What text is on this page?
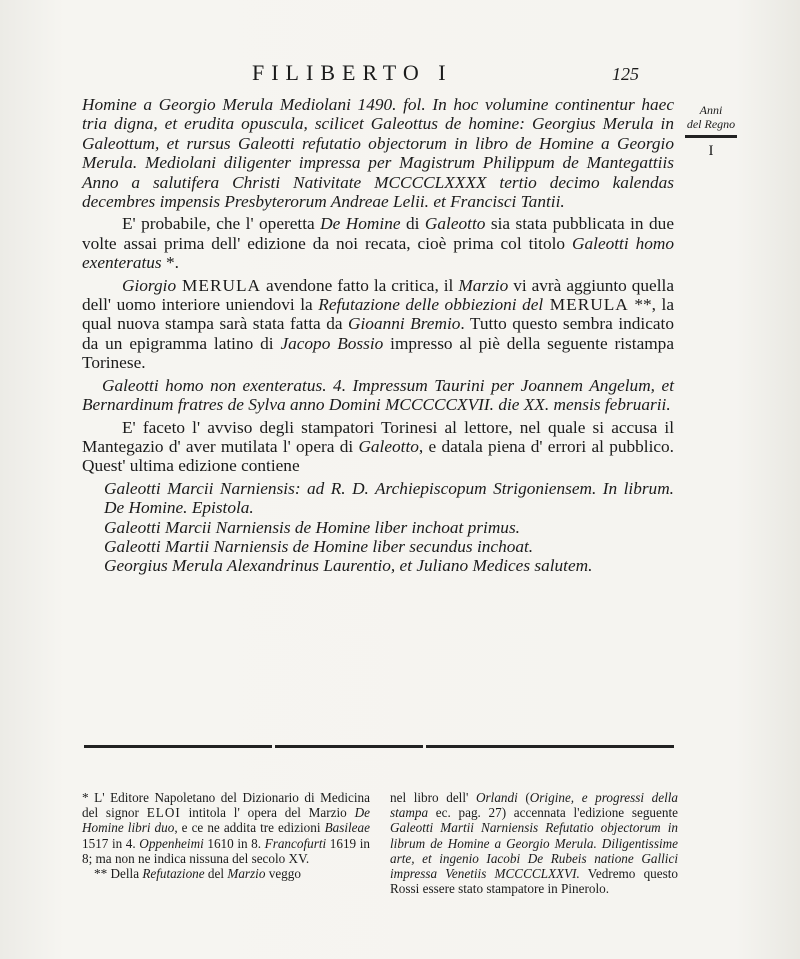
FILIBERTO I	125
Anni
del Regno
I

Homine a Georgio Merula Mediolani 1490. fol. In hoc volumine continentur haec tria digna, et erudita opuscula, scilicet Galeottus de homine: Georgius Merula in Galeottum, et rursus Galeotti refutatio objectorum in libro de Homine a Georgio Merula. Mediolani diligenter impressa per Magistrum Philippum de Mantegattiis Anno a salutifera Christi Nativitate MCCCCLXXXX tertio decimo kalendas decembres impensis Presbyterorum Andreae Lelii. et Francisci Tantii.

E' probabile, che l' operetta De Homine di Galeotto sia stata pubblicata in due volte assai prima dell' edizione da noi recata, cioè prima col titolo Galeotti homo exenteratus *.

Giorgio MERULA avendone fatto la critica, il Marzio vi avrà aggiunto quella dell' uomo interiore uniendovi la Refutazione delle obbiezioni del MERULA **, la qual nuova stampa sarà stata fatta da Gioanni Bremio. Tutto questo sembra indicato da un epigramma latino di Jacopo Bossio impresso al piè della seguente ristampa Torinese.

Galeotti homo non exenteratus. 4. Impressum Taurini per Joannem Angelum, et Bernardinum fratres de Sylva anno Domini MCCCCCXVII. die XX. mensis februarii.

E' faceto l' avviso degli stampatori Torinesi al lettore, nel quale si accusa il Mantegazio d' aver mutilata l' opera di Galeotto, e datala piena d' errori al pubblico. Quest' ultima edizione contiene

Galeotti Marcii Narniensis: ad R. D. Archiepiscopum Strigoniensem. In librum. De Homine. Epistola.

Galeotti Marcii Narniensis de Homine liber inchoat primus.

Galeotti Martii Narniensis de Homine liber secundus inchoat.

Georgius Merula Alexandrinus Laurentio, et Juliano Medices salutem.

* L' Editore Napoletano del Dizionario di Medicina del signor ELOI intitola l' opera del Marzio De Homine libri duo, e ce ne addita tre edizioni Basileae 1517 in 4. Oppenheimi 1610 in 8. Francofurti 1619 in 8; ma non ne indica nissuna del secolo XV.

** Della Refutazione del Marzio veggo

nel libro dell' Orlandi (Origine, e progressi della stampa ec. pag. 27) accennata l'edizione seguente Galeotti Martii Narniensis Refutatio objectorum in librum de Homine a Georgio Merula. Diligentissime arte, et ingenio Iacobi De Rubeis natione Gallici impressa Venetiis MCCCCLXXVI. Vedremo questo Rossi essere stato stampatore in Pinerolo.
